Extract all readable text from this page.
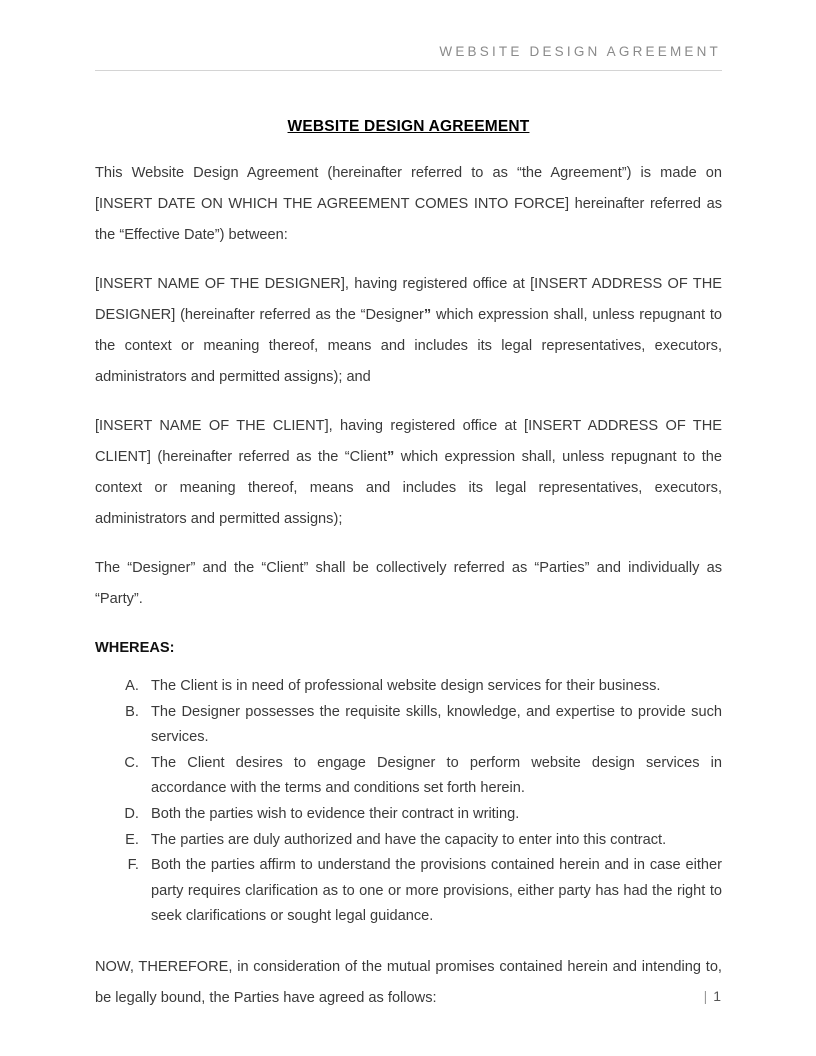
WEBSITE DESIGN AGREEMENT
WEBSITE DESIGN AGREEMENT

This Website Design Agreement (hereinafter referred to as “the Agreement”) is made on [INSERT DATE ON WHICH THE AGREEMENT COMES INTO FORCE] hereinafter referred as the “Effective Date”) between:

[INSERT NAME OF THE DESIGNER], having registered office at [INSERT ADDRESS OF THE DESIGNER] (hereinafter referred as the “Designer” which expression shall, unless repugnant to the context or meaning thereof, means and includes its legal representatives, executors, administrators and permitted assigns); and

[INSERT NAME OF THE CLIENT], having registered office at [INSERT ADDRESS OF THE CLIENT] (hereinafter referred as the “Client” which expression shall, unless repugnant to the context or meaning thereof, means and includes its legal representatives, executors, administrators and permitted assigns);

The “Designer” and the “Client” shall be collectively referred as “Parties” and individually as “Party”.

WHEREAS:

A. The Client is in need of professional website design services for their business.
B. The Designer possesses the requisite skills, knowledge, and expertise to provide such services.
C. The Client desires to engage Designer to perform website design services in accordance with the terms and conditions set forth herein.
D. Both the parties wish to evidence their contract in writing.
E. The parties are duly authorized and have the capacity to enter into this contract.
F. Both the parties affirm to understand the provisions contained herein and in case either party requires clarification as to one or more provisions, either party has had the right to seek clarifications or sought legal guidance.

NOW, THEREFORE, in consideration of the mutual promises contained herein and intending to, be legally bound, the Parties have agreed as follows:	| 1
